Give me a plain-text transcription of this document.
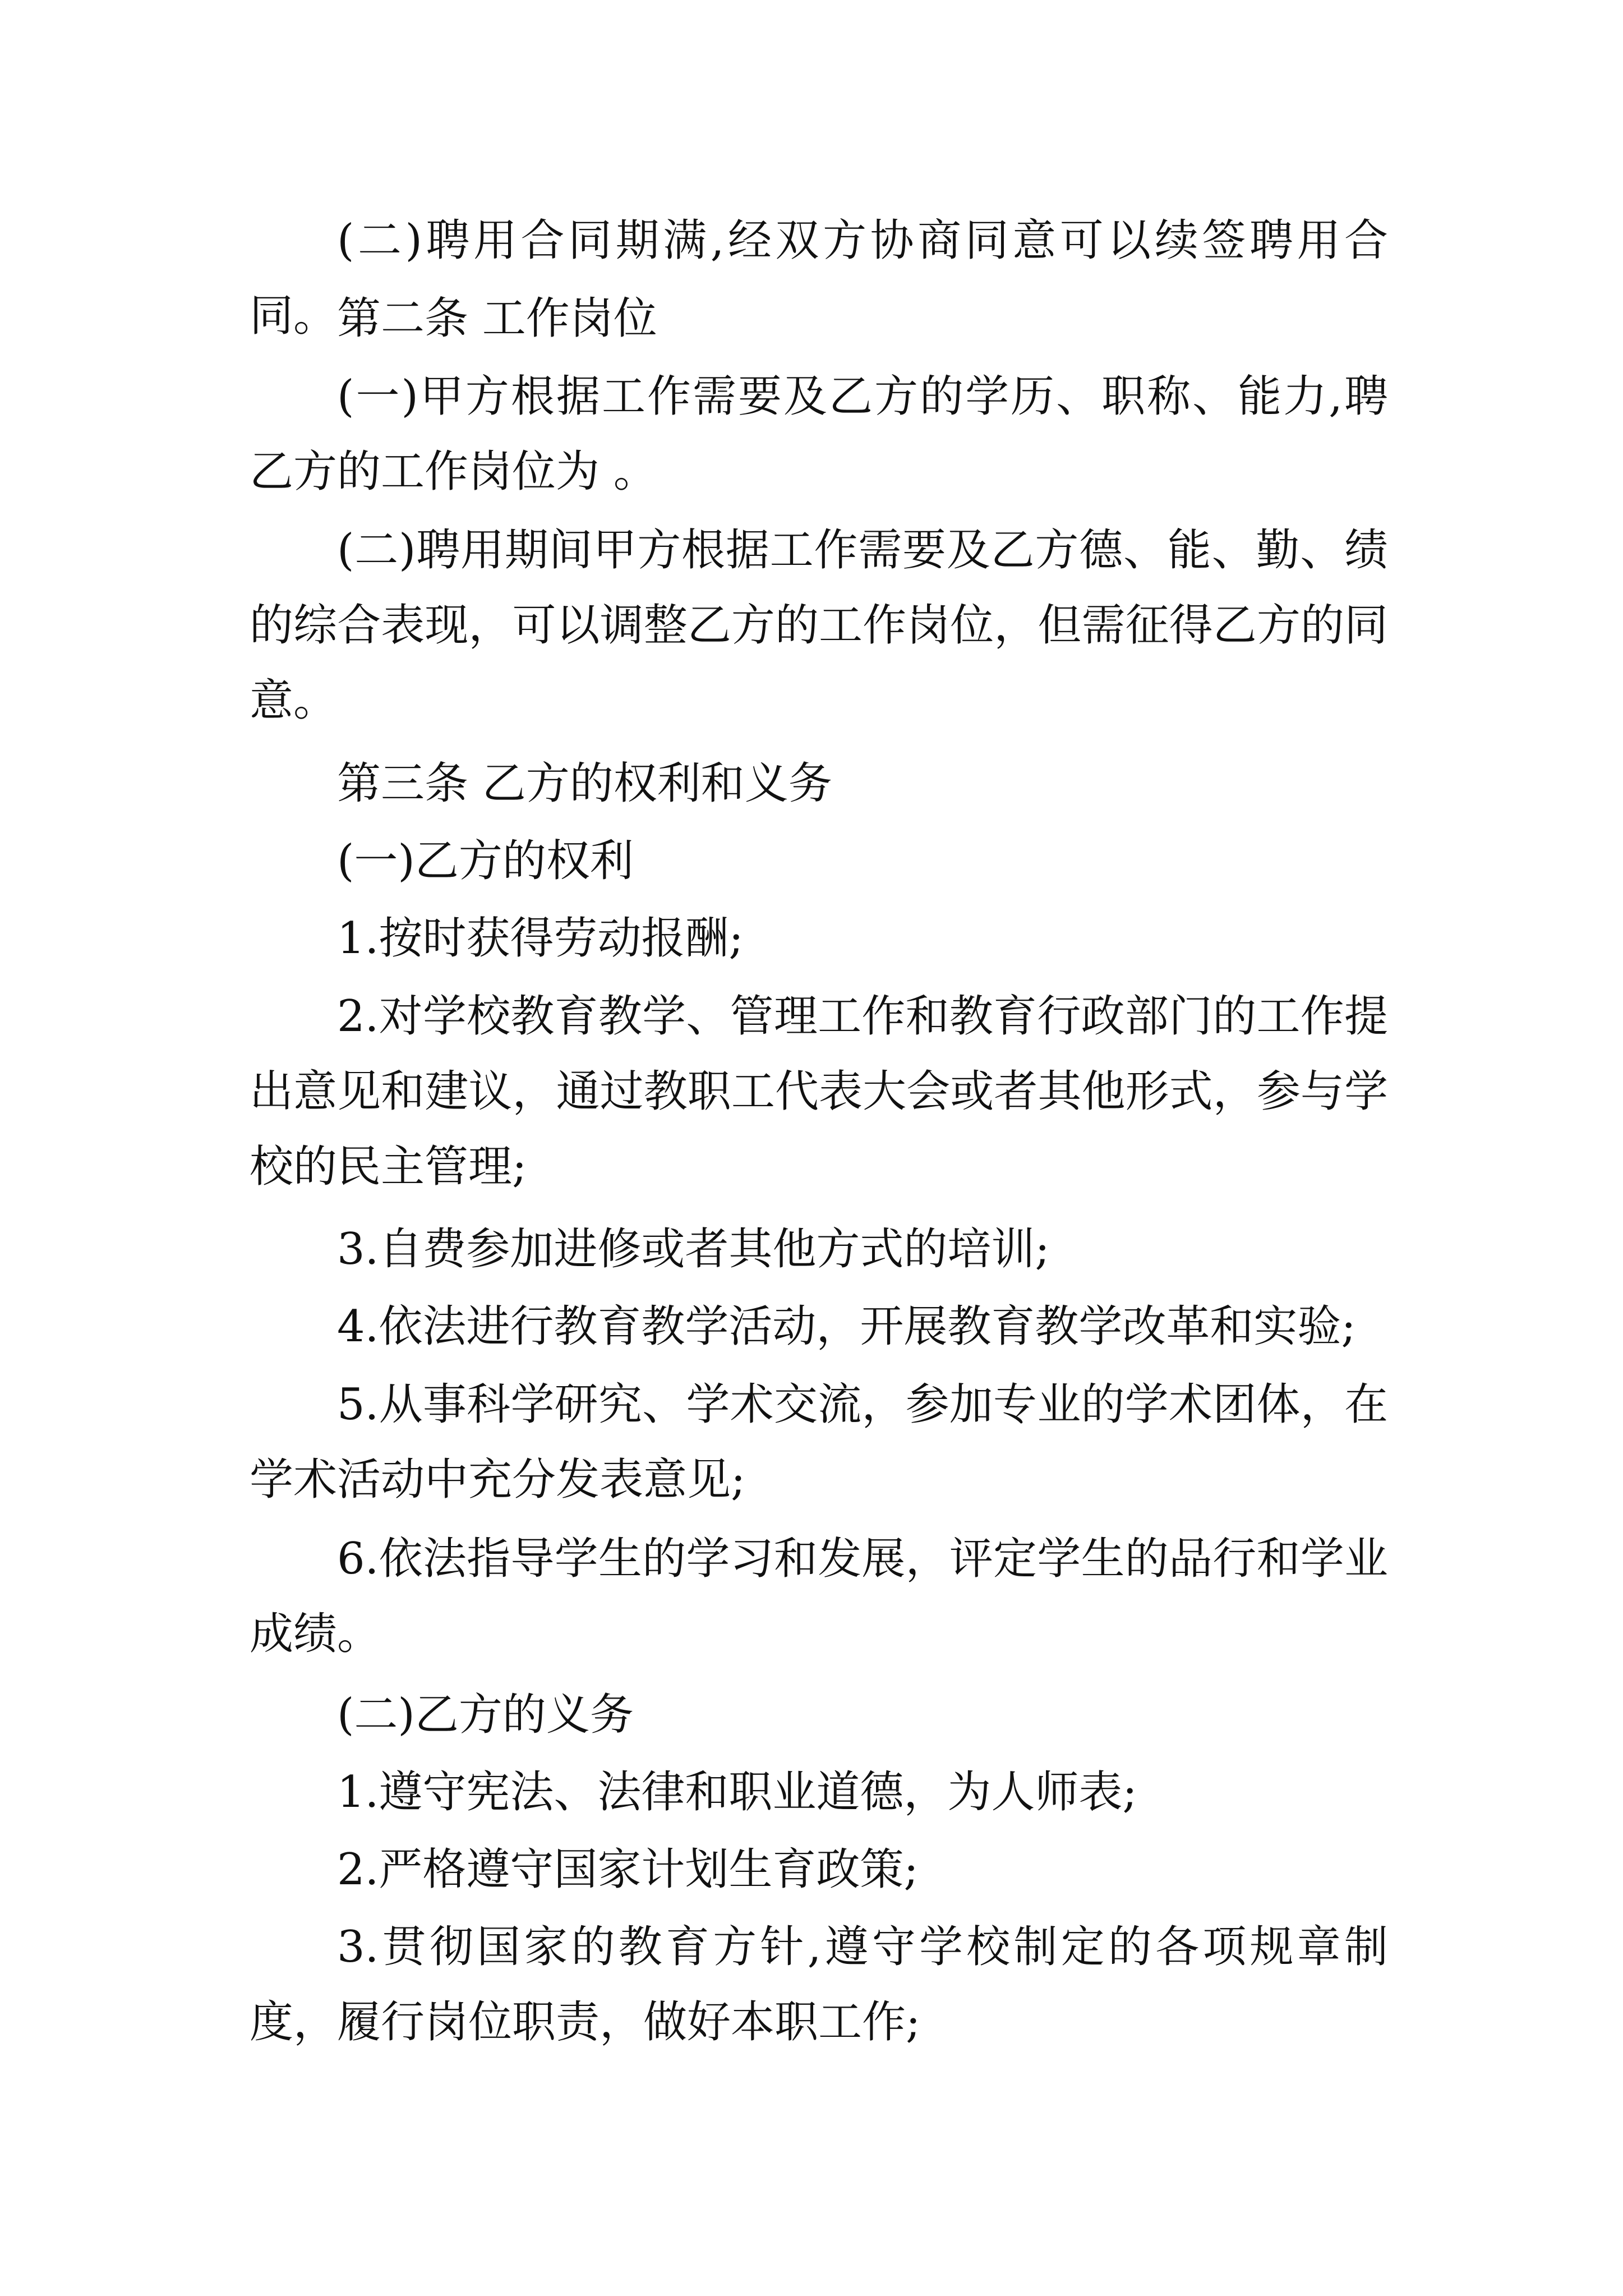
(二)聘用合同期满,经双方协商同意可以续签聘用合同。 第二条 工作岗位

(一)甲方根据工作需要及乙方的学历、职称、能力,聘乙方的工作岗位为 。

(二)聘用期间甲方根据工作需要及乙方德、能、勤、绩的综合表现，可以调整乙方的工作岗位，但需征得乙方的同意。

第三条 乙方的权利和义务

(一)乙方的权利

1.按时获得劳动报酬;

2.对学校教育教学、管理工作和教育行政部门的工作提出意见和建议，通过教职工代表大会或者其他形式，参与学校的民主管理;

3.自费参加进修或者其他方式的培训;

4.依法进行教育教学活动，开展教育教学改革和实验;

5.从事科学研究、学术交流，参加专业的学术团体，在学术活动中充分发表意见;

6.依法指导学生的学习和发展，评定学生的品行和学业成绩。

(二)乙方的义务

1.遵守宪法、法律和职业道德，为人师表;

2.严格遵守国家计划生育政策;

3.贯彻国家的教育方针,遵守学校制定的各项规章制度，履行岗位职责，做好本职工作;
